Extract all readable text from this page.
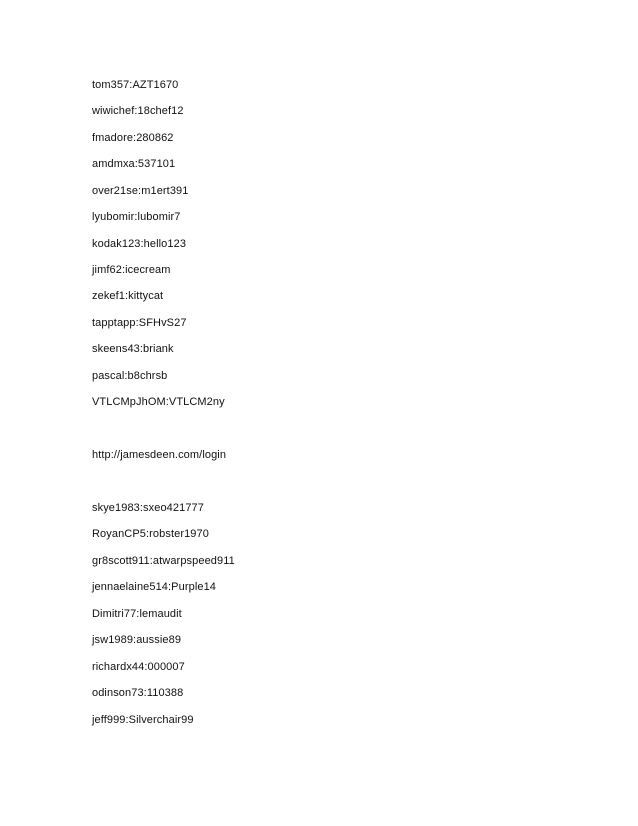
tom357:AZT1670
wiwichef:18chef12
fmadore:280862
amdmxa:537101
over21se:m1ert391
lyubomir:lubomir7
kodak123:hello123
jimf62:icecream
zekef1:kittycat
tapptapp:SFHvS27
skeens43:briank
pascal:b8chrsb
VTLCMpJhOM:VTLCM2ny
http://jamesdeen.com/login
skye1983:sxeo421777
RoyanCP5:robster1970
gr8scott911:atwarpspeed911
jennaelaine514:Purple14
Dimitri77:lemaudit
jsw1989:aussie89
richardx44:000007
odinson73:110388
jeff999:Silverchair99
